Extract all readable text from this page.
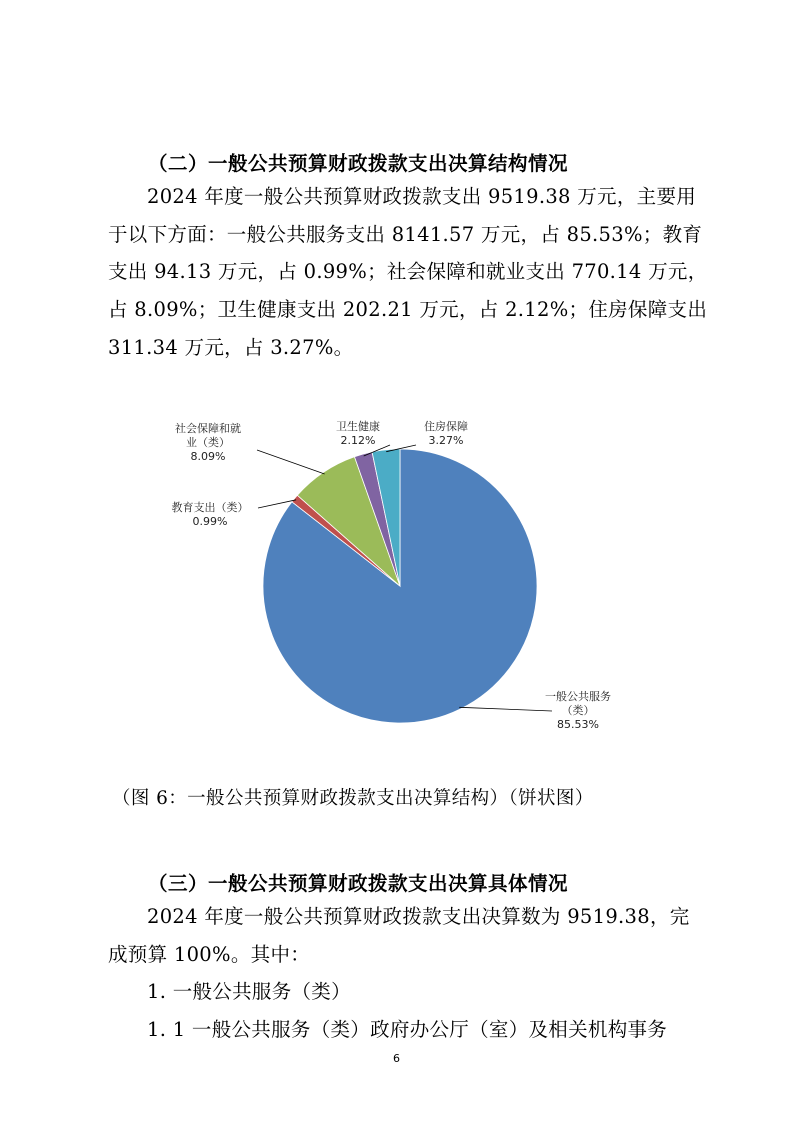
（二）一般公共预算财政拨款支出决算结构情况
2024 年度一般公共预算财政拨款支出 9519.38 万元，主要用
于以下方面：一般公共服务支出 8141.57 万元，占 85.53%；教育
支出 94.13 万元，占 0.99%；社会保障和就业支出 770.14 万元，
占 8.09%；卫生健康支出 202.21 万元，占 2.12%；住房保障支出
311.34 万元，占 3.27%。
一般公共服务
（类）
85.53%
教育支出（类）
0.99%
社会保障和就
业（类）
8.09%
卫生健康
2.12%
住房保障
3.27%
（图 6：一般公共预算财政拨款支出决算结构）（饼状图）
（三）一般公共预算财政拨款支出决算具体情况
2024 年度一般公共预算财政拨款支出决算数为 9519.38，完
成预算 100%。其中：
1. 一般公共服务（类）
1. 1 一般公共服务（类）政府办公厅（室）及相关机构事务
6
